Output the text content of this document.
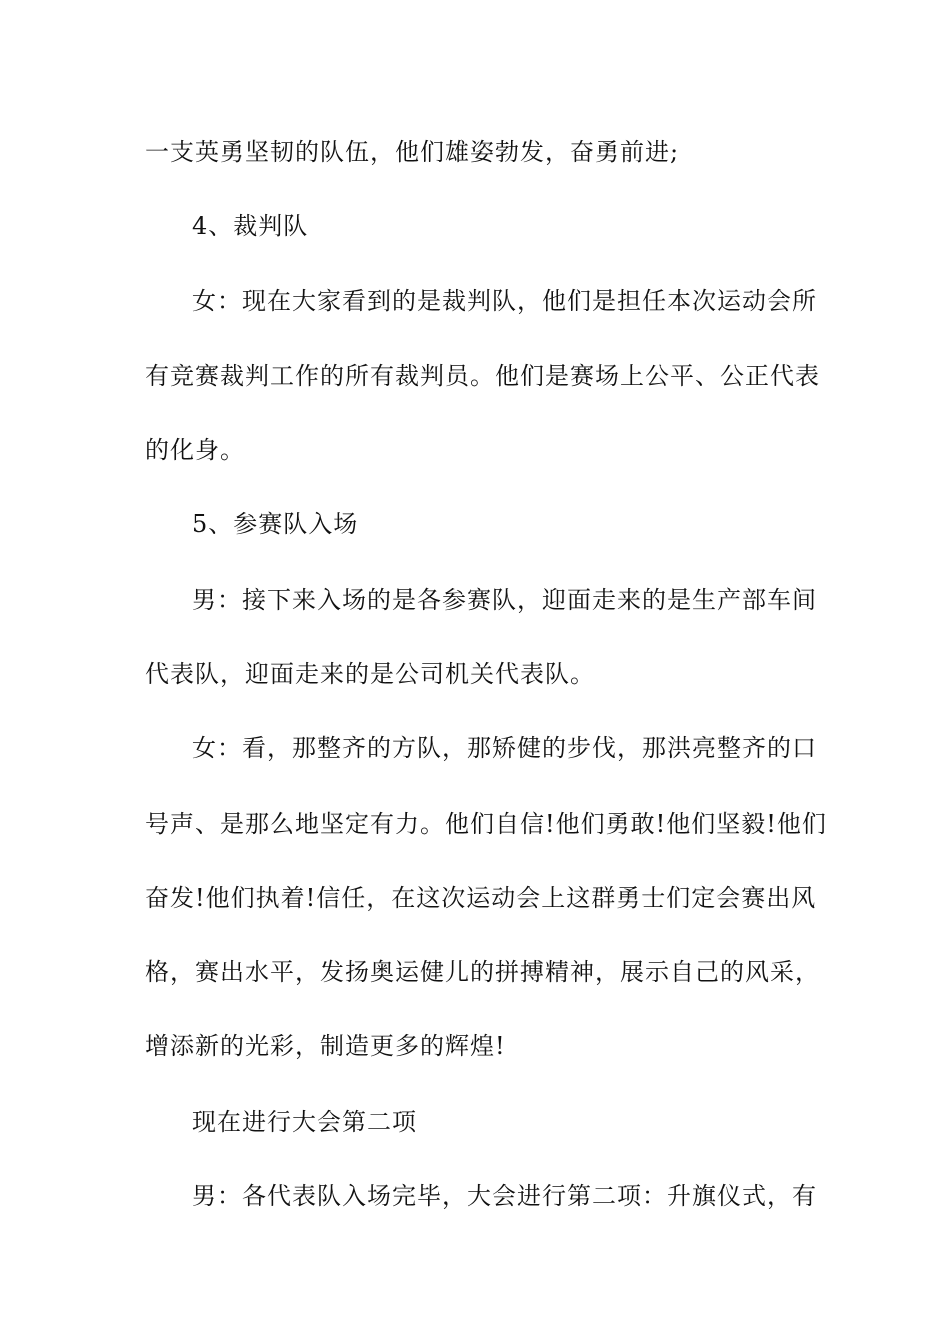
一支英勇坚韧的队伍，他们雄姿勃发，奋勇前进;
4、裁判队
女：现在大家看到的是裁判队，他们是担任本次运动会所
有竞赛裁判工作的所有裁判员。他们是赛场上公平、公正代表
的化身。
5、参赛队入场
男：接下来入场的是各参赛队，迎面走来的是生产部车间
代表队，迎面走来的是公司机关代表队。
女：看，那整齐的方队，那矫健的步伐，那洪亮整齐的口
号声、是那么地坚定有力。他们自信!他们勇敢!他们坚毅!他们
奋发!他们执着!信任，在这次运动会上这群勇士们定会赛出风
格，赛出水平，发扬奥运健儿的拼搏精神，展示自己的风采，
增添新的光彩，制造更多的辉煌!
现在进行大会第二项
男：各代表队入场完毕，大会进行第二项：升旗仪式，有
